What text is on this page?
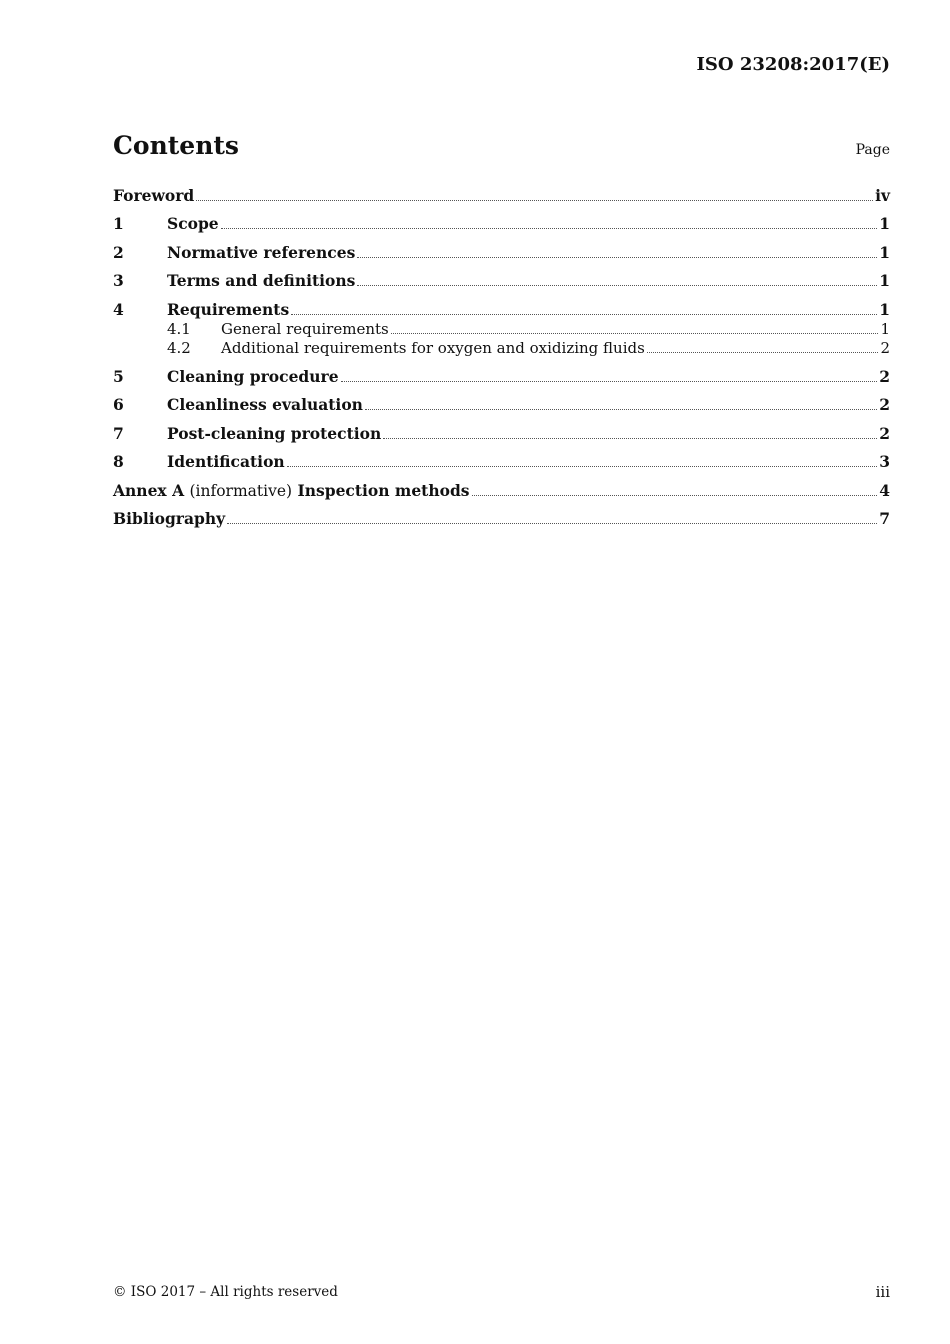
ISO 23208:2017(E)
Contents	Page
Foreword	iv
1	Scope	1
2	Normative references	1
3	Terms and definitions	1
4	Requirements	1
4.1	General requirements	1
4.2	Additional requirements for oxygen and oxidizing fluids	2
5	Cleaning procedure	2
6	Cleanliness evaluation	2
7	Post-cleaning protection	2
8	Identification	3
Annex A (informative) Inspection methods	4
Bibliography	7
© ISO 2017 – All rights reserved	iii
